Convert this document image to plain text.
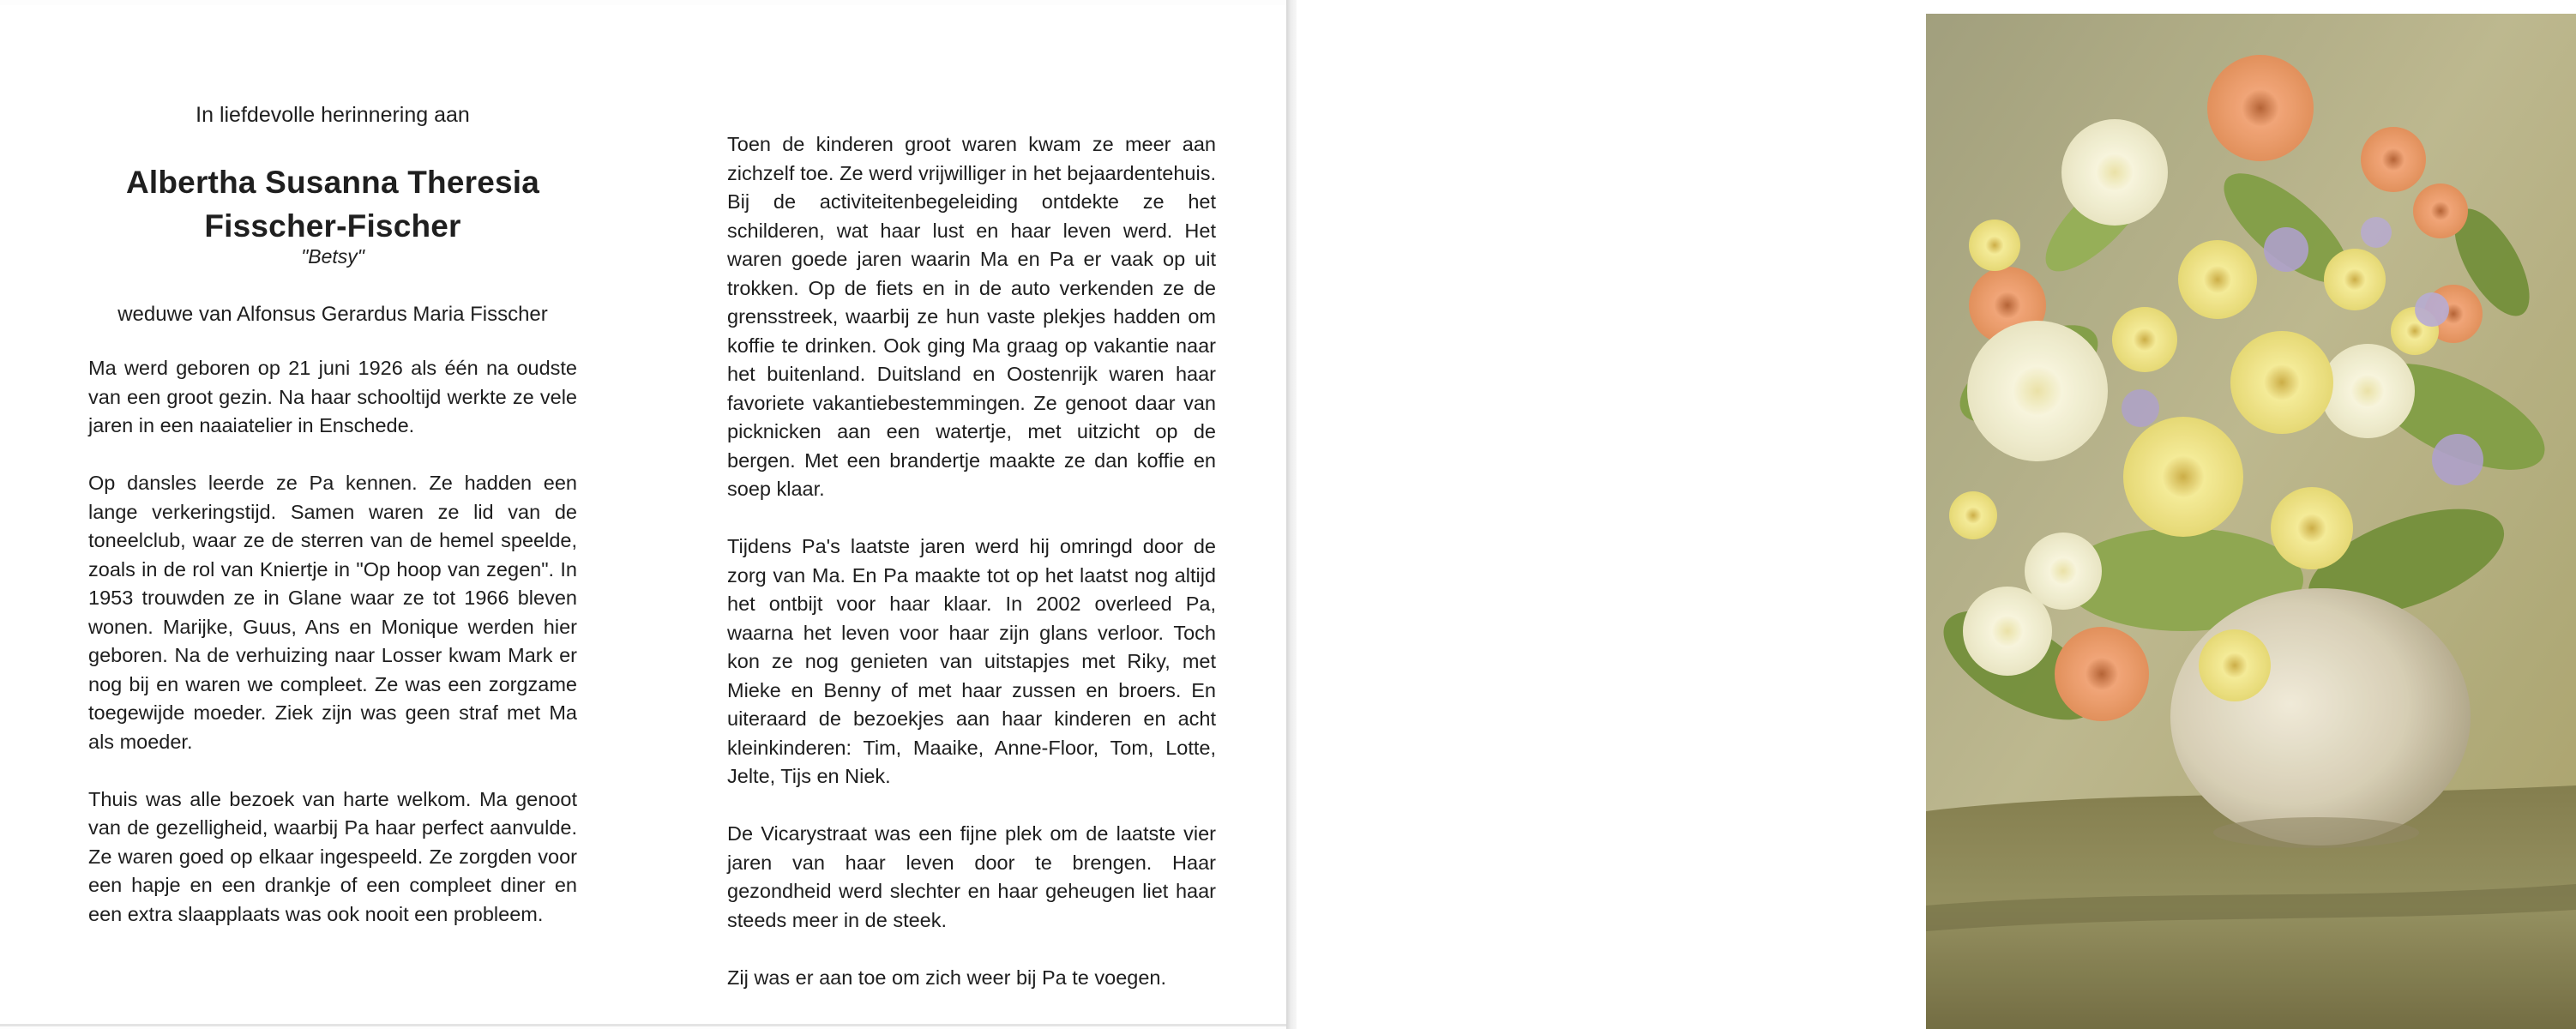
In liefdevolle herinnering aan
Albertha Susanna Theresia
Fisscher-Fischer
"Betsy"
weduwe van Alfonsus Gerardus Maria Fisscher

Ma werd geboren op 21 juni 1926 als één na oudste van een groot gezin. Na haar schooltijd werkte ze vele jaren in een naaiatelier in Enschede.

Op dansles leerde ze Pa kennen. Ze hadden een lange verkeringstijd. Samen waren ze lid van de toneelclub, waar ze de sterren van de hemel speelde, zoals in de rol van Kniertje in "Op hoop van zegen". In 1953 trouwden ze in Glane waar ze tot 1966 bleven wonen. Marijke, Guus, Ans en Monique werden hier geboren. Na de verhuizing naar Losser kwam Mark er nog bij en waren we compleet. Ze was een zorgzame toegewijde moeder. Ziek zijn was geen straf met Ma als moeder.

Thuis was alle bezoek van harte welkom. Ma genoot van de gezelligheid, waarbij Pa haar perfect aanvulde. Ze waren goed op elkaar ingespeeld. Ze zorgden voor een hapje en een drankje of een compleet diner en een extra slaapplaats was ook nooit een probleem.

Toen de kinderen groot waren kwam ze meer aan zichzelf toe. Ze werd vrijwilliger in het bejaardentehuis. Bij de activiteitenbegeleiding ontdekte ze het schilderen, wat haar lust en haar leven werd. Het waren goede jaren waarin Ma en Pa er vaak op uit trokken. Op de fiets en in de auto verkenden ze de grensstreek, waarbij ze hun vaste plekjes hadden om koffie te drinken. Ook ging Ma graag op vakantie naar het buitenland. Duitsland en Oostenrijk waren haar favoriete vakantiebestemmingen. Ze genoot daar van picknicken aan een watertje, met uitzicht op de bergen. Met een brandertje maakte ze dan koffie en soep klaar.

Tijdens Pa's laatste jaren werd hij omringd door de zorg van Ma. En Pa maakte tot op het laatst nog altijd het ontbijt voor haar klaar. In 2002 overleed Pa, waarna het leven voor haar zijn glans verloor. Toch kon ze nog genieten van uitstapjes met Riky, met Mieke en Benny of met haar zussen en broers. En uiteraard de bezoekjes aan haar kinderen en acht kleinkinderen: Tim, Maaike, Anne-Floor, Tom, Lotte, Jelte, Tijs en Niek.

De Vicarystraat was een fijne plek om de laatste vier jaren van haar leven door te brengen. Haar gezondheid werd slechter en haar geheugen liet haar steeds meer in de steek.

Zij was er aan toe om zich weer bij Pa te voegen.
